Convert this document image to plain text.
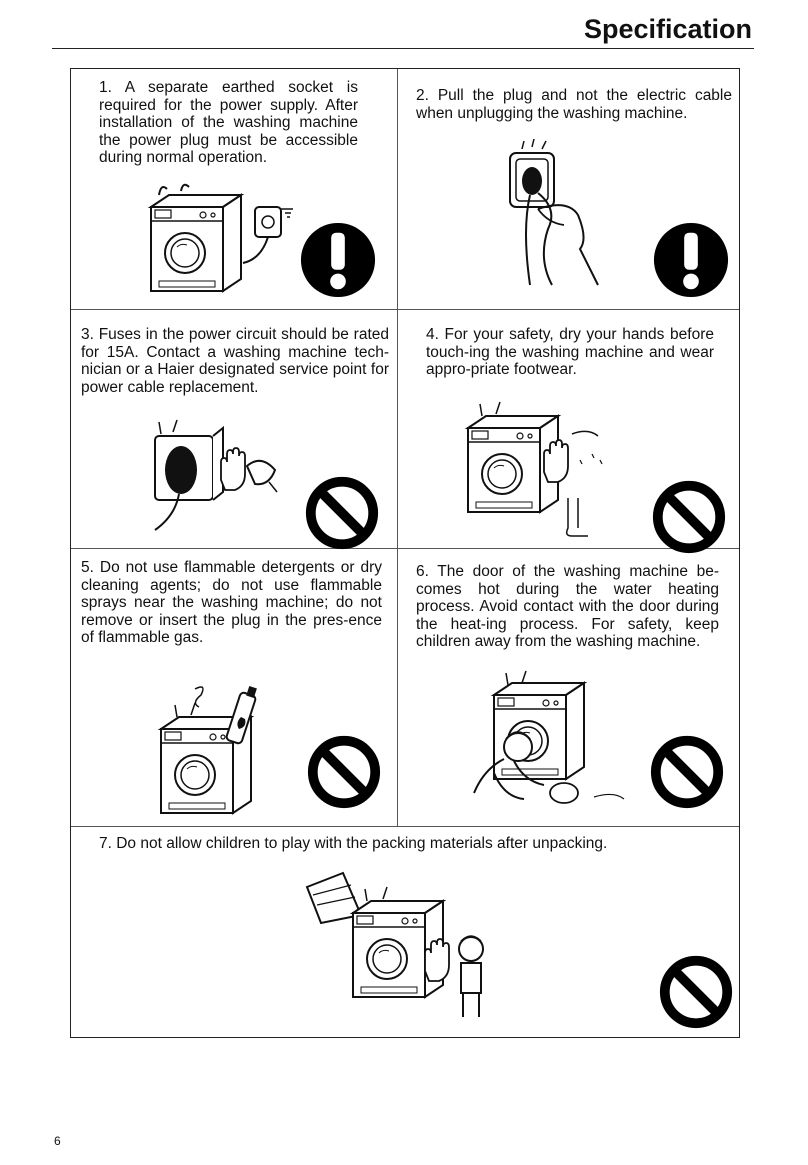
Specification
1. A separate earthed socket is required for the power supply. After installation of the washing machine the power plug must be accessible during normal operation.
2. Pull the plug and not the electric cable when unplugging the washing machine.
3. Fuses in the power circuit should be rated for 15A. Contact a washing machine tech-nician or a Haier designated service point for power cable replacement.
4. For your safety, dry your hands before touch-ing the washing machine and wear appro-priate footwear.
5. Do not use flammable detergents or dry cleaning agents; do not use flammable sprays near the washing machine; do not remove or insert the plug in the pres-ence of flammable gas.
6. The door of the washing machine be-comes hot during the water heating process. Avoid contact with the door during the heat-ing process. For safety, keep children away from the washing machine.
7. Do not allow children to play with the packing materials after unpacking.
6
